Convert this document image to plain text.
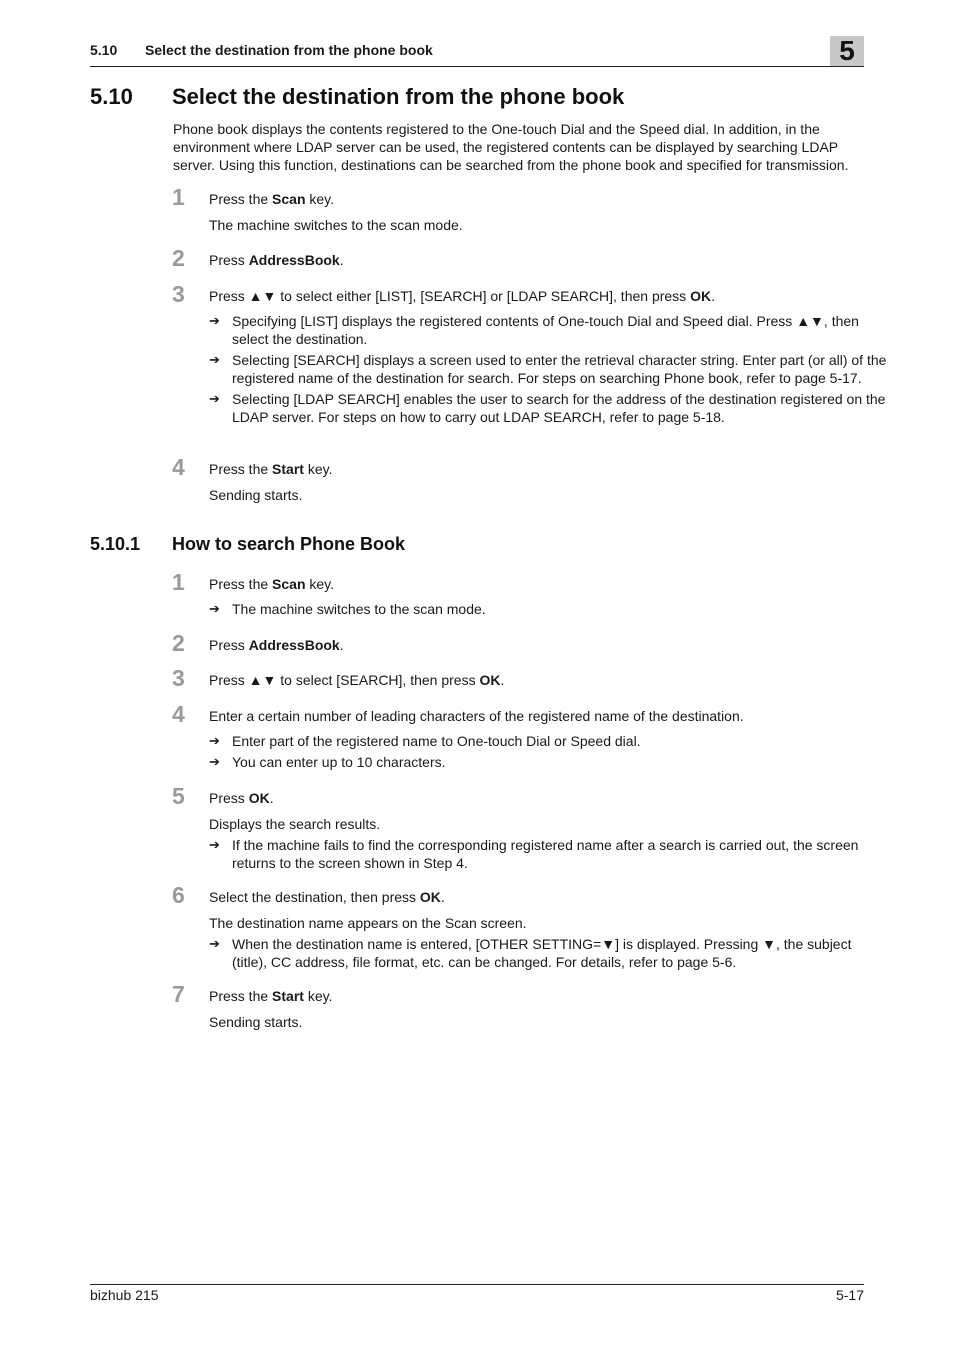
5.10 Select the destination from the phone book	5
5.10 Select the destination from the phone book
Phone book displays the contents registered to the One-touch Dial and the Speed dial. In addition, in the environment where LDAP server can be used, the registered contents can be displayed by searching LDAP server. Using this function, destinations can be searched from the phone book and specified for transmission.
1 Press the Scan key.
The machine switches to the scan mode.
2 Press AddressBook.
3 Press ▲▼ to select either [LIST], [SEARCH] or [LDAP SEARCH], then press OK.
➔ Specifying [LIST] displays the registered contents of One-touch Dial and Speed dial. Press ▲▼, then select the destination.
➔ Selecting [SEARCH] displays a screen used to enter the retrieval character string. Enter part (or all) of the registered name of the destination for search. For steps on searching Phone book, refer to page 5-17.
➔ Selecting [LDAP SEARCH] enables the user to search for the address of the destination registered on the LDAP server. For steps on how to carry out LDAP SEARCH, refer to page 5-18.
4 Press the Start key.
Sending starts.
5.10.1 How to search Phone Book
1 Press the Scan key.
➔ The machine switches to the scan mode.
2 Press AddressBook.
3 Press ▲▼ to select [SEARCH], then press OK.
4 Enter a certain number of leading characters of the registered name of the destination.
➔ Enter part of the registered name to One-touch Dial or Speed dial.
➔ You can enter up to 10 characters.
5 Press OK.
Displays the search results.
➔ If the machine fails to find the corresponding registered name after a search is carried out, the screen returns to the screen shown in Step 4.
6 Select the destination, then press OK.
The destination name appears on the Scan screen.
➔ When the destination name is entered, [OTHER SETTING=▼] is displayed. Pressing ▼, the subject (title), CC address, file format, etc. can be changed. For details, refer to page 5-6.
7 Press the Start key.
Sending starts.
bizhub 215	5-17
